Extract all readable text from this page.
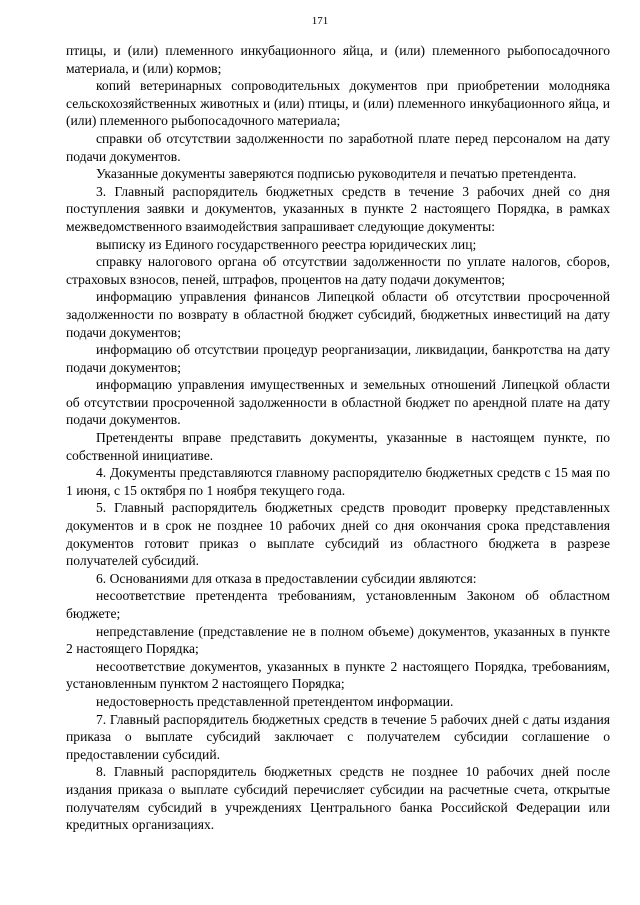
171

птицы, и (или) племенного инкубационного яйца, и (или) племенного рыбопосадочного материала, и (или) кормов;

копий ветеринарных сопроводительных документов при приобретении молодняка сельскохозяйственных животных и (или) птицы, и (или) племенного инкубационного яйца, и (или) племенного рыбопосадочного материала;

справки об отсутствии задолженности по заработной плате перед персоналом на дату подачи документов.

Указанные документы заверяются подписью руководителя и печатью претендента.

3. Главный распорядитель бюджетных средств в течение 3 рабочих дней со дня поступления заявки и документов, указанных в пункте 2 настоящего Порядка, в рамках межведомственного взаимодействия запрашивает следующие документы:

выписку из Единого государственного реестра юридических лиц;

справку налогового органа об отсутствии задолженности по уплате налогов, сборов, страховых взносов, пеней, штрафов, процентов на дату подачи документов;

информацию управления финансов Липецкой области об отсутствии просроченной задолженности по возврату в областной бюджет субсидий, бюджетных инвестиций на дату подачи документов;

информацию об отсутствии процедур реорганизации, ликвидации, банкротства на дату подачи документов;

информацию управления имущественных и земельных отношений Липецкой области об отсутствии просроченной задолженности в областной бюджет по арендной плате на дату подачи документов.

Претенденты вправе представить документы, указанные в настоящем пункте, по собственной инициативе.

4. Документы представляются главному распорядителю бюджетных средств с 15 мая по 1 июня, с 15 октября по 1 ноября текущего года.

5. Главный распорядитель бюджетных средств проводит проверку представленных документов и в срок не позднее 10 рабочих дней со дня окончания срока представления документов готовит приказ о выплате субсидий из областного бюджета в разрезе получателей субсидий.

6. Основаниями для отказа в предоставлении субсидии являются:

несоответствие претендента требованиям, установленным Законом об областном бюджете;

непредставление (представление не в полном объеме) документов, указанных в пункте 2 настоящего Порядка;

несоответствие документов, указанных в пункте 2 настоящего Порядка, требованиям, установленным пунктом 2 настоящего Порядка;

недостоверность представленной претендентом информации.

7. Главный распорядитель бюджетных средств в течение 5 рабочих дней с даты издания приказа о выплате субсидий заключает с получателем субсидии соглашение о предоставлении субсидий.

8. Главный распорядитель бюджетных средств не позднее 10 рабочих дней после издания приказа о выплате субсидий перечисляет субсидии на расчетные счета, открытые получателям субсидий в учреждениях Центрального банка Российской Федерации или кредитных организациях.
